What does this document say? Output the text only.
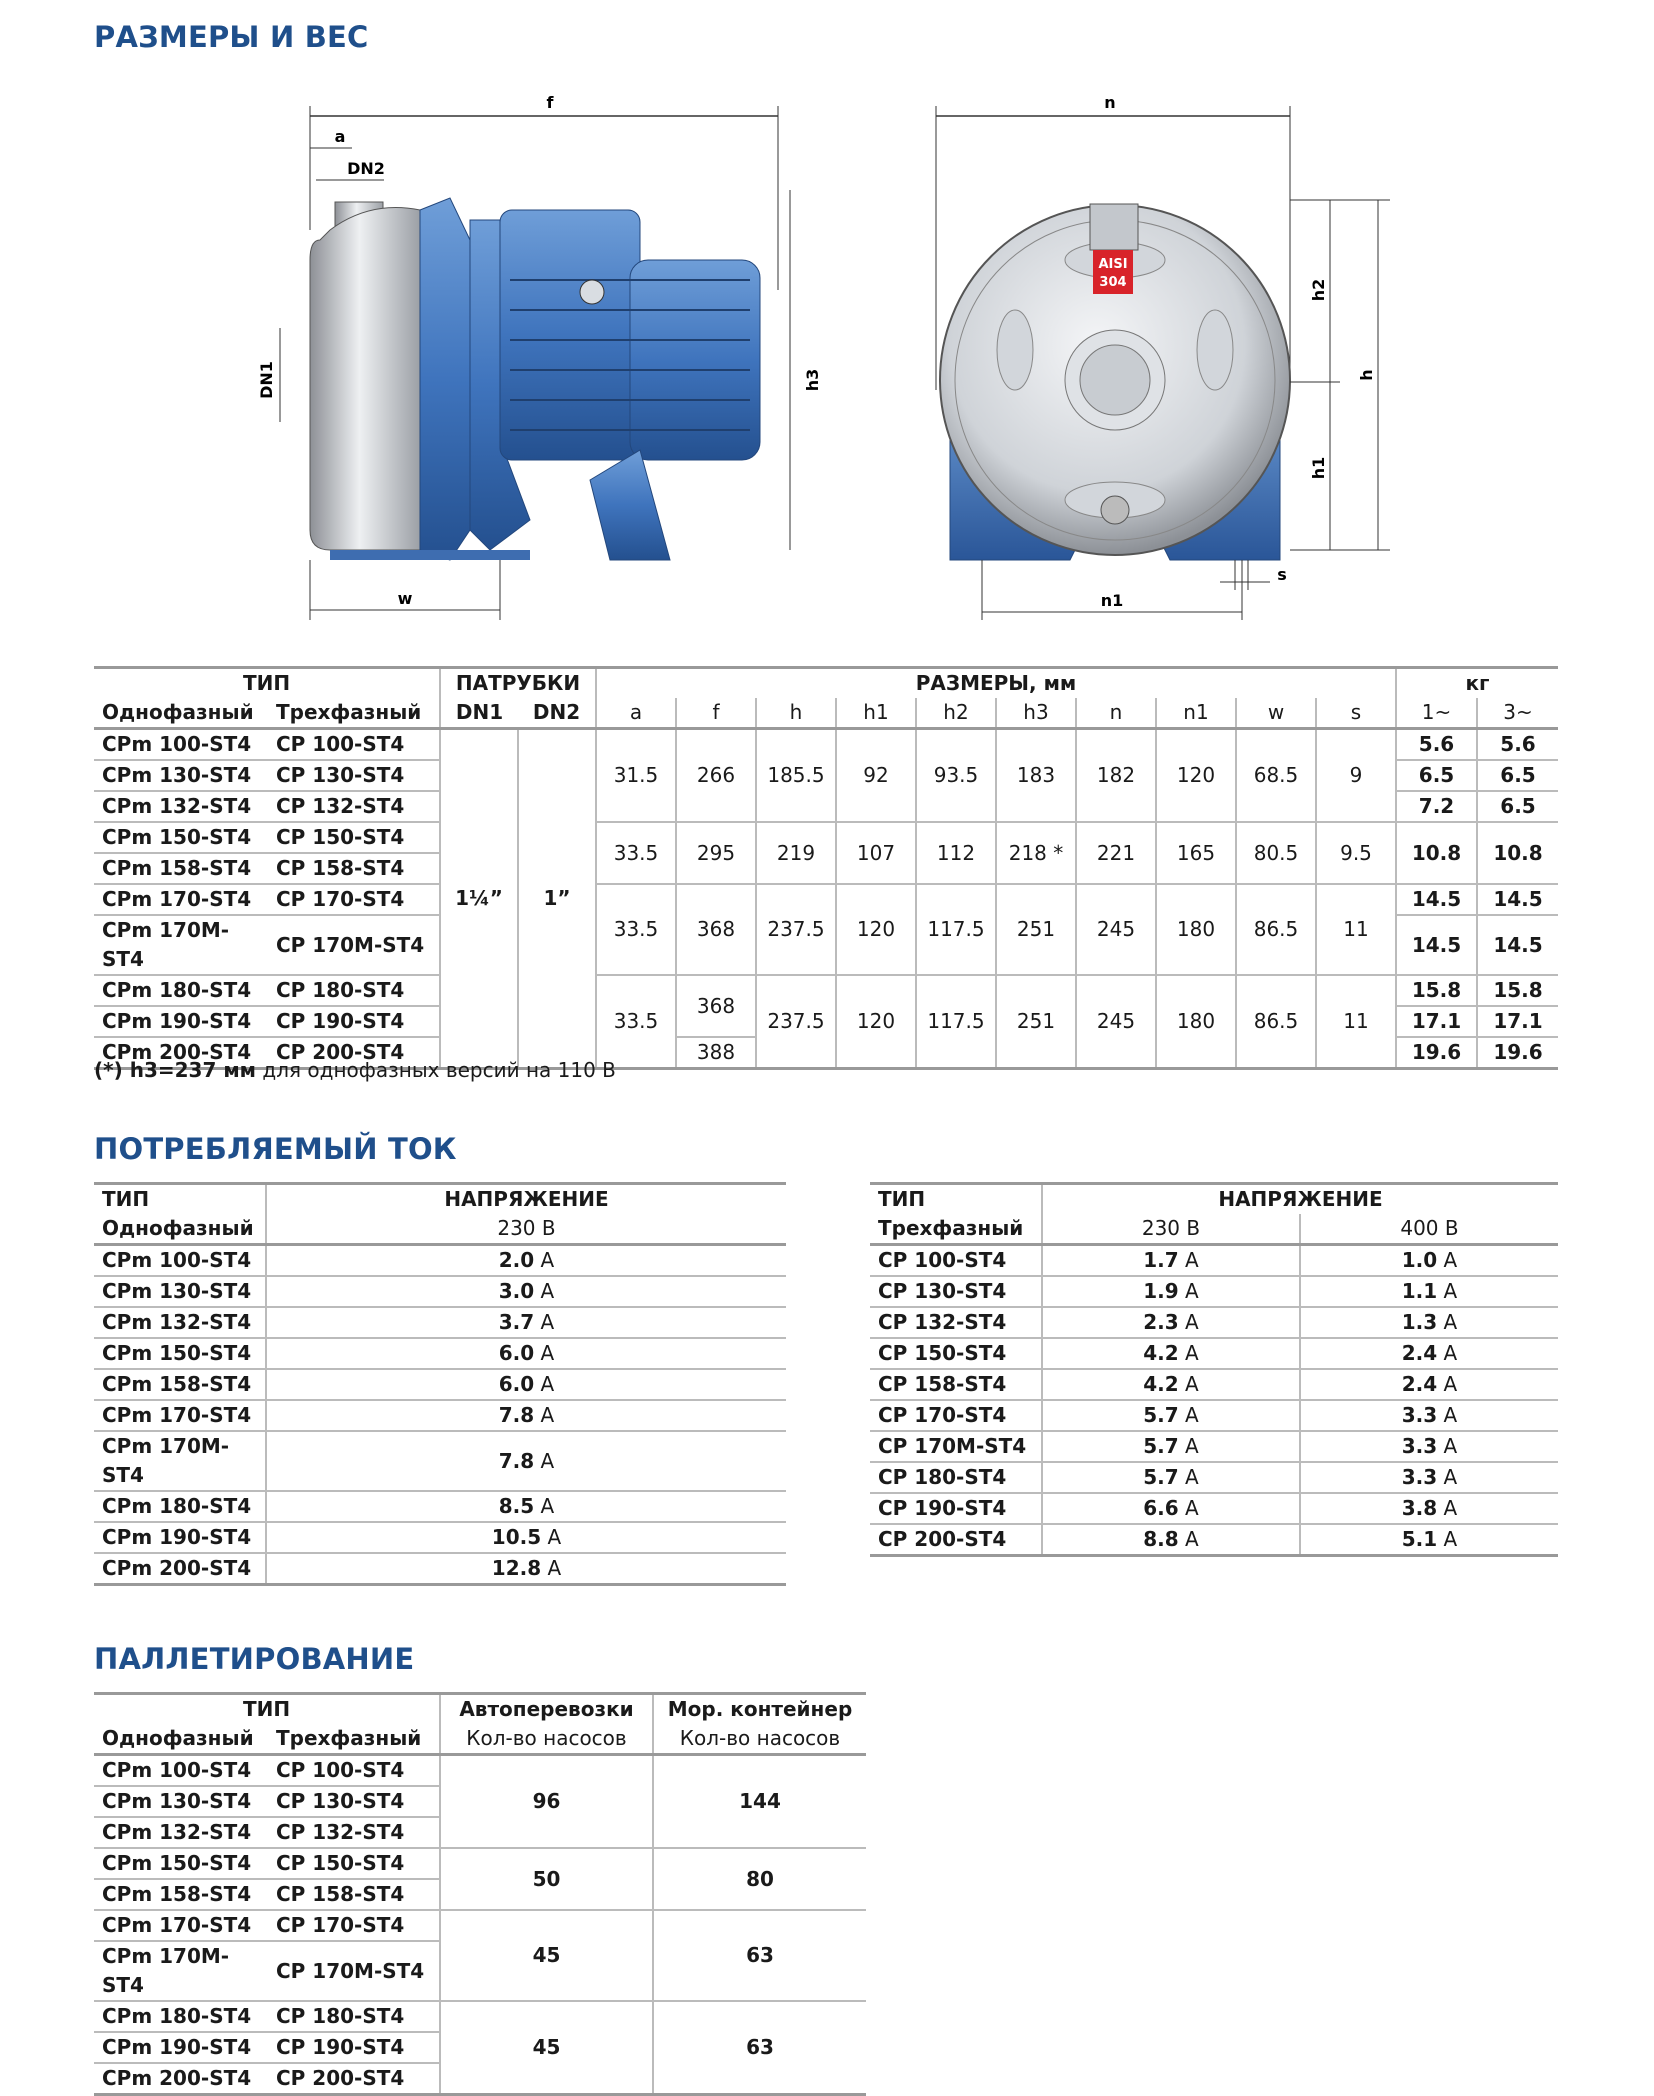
РАЗМЕРЫ И ВЕС
ПОТРЕБЛЯЕМЫЙ ТОК
ПАЛЛЕТИРОВАНИЕ
f
a
DN2
DN1	h3
w
n
AISI
304	h2
h
h1
n1
s
ТИП		ПАТРУБКИ		РАЗМЕРЫ, мм										кг	
Однофазный	Трехфазный	DN1	DN2	a	f	h	h1	h2	h3	n	n1	w	s	1~	3~
CPm 100-ST4	CP 100-ST4	1¼”	1”	31.5	266	185.5	92	93.5	183	182	120	68.5	9	5.6	5.6
CPm 130-ST4	CP 130-ST4													6.5	6.5
CPm 132-ST4	CP 132-ST4													7.2	6.5
CPm 150-ST4	CP 150-ST4			33.5	295	219	107	112	218 *	221	165	80.5	9.5	10.8	10.8
CPm 158-ST4	CP 158-ST4														
CPm 170-ST4	CP 170-ST4			33.5	368	237.5	120	117.5	251	245	180	86.5	11	14.5	14.5
CPm 170M-ST4	CP 170M-ST4													14.5	14.5
CPm 180-ST4	CP 180-ST4			33.5	368	237.5	120	117.5	251	245	180	86.5	11	15.8	15.8
CPm 190-ST4	CP 190-ST4													17.1	17.1
CPm 200-ST4	CP 200-ST4				388									19.6	19.6
(*) h3=237 мм для однофазных версий на 110 В
ТИП	НАПРЯЖЕНИЕ
Однофазный	230 В
CPm 100-ST4	2.0 A
CPm 130-ST4	3.0 A
CPm 132-ST4	3.7 A
CPm 150-ST4	6.0 A
CPm 158-ST4	6.0 A
CPm 170-ST4	7.8 A
CPm 170M-ST4	7.8 A
CPm 180-ST4	8.5 A
CPm 190-ST4	10.5 A
CPm 200-ST4	12.8 A
ТИП	НАПРЯЖЕНИЕ	
Трехфазный	230 В	400 В
CP 100-ST4	1.7 A	1.0 A
CP 130-ST4	1.9 A	1.1 A
CP 132-ST4	2.3 A	1.3 A
CP 150-ST4	4.2 A	2.4 A
CP 158-ST4	4.2 A	2.4 A
CP 170-ST4	5.7 A	3.3 A
CP 170M-ST4	5.7 A	3.3 A
CP 180-ST4	5.7 A	3.3 A
CP 190-ST4	6.6 A	3.8 A
CP 200-ST4	8.8 A	5.1 A
ТИП		Автоперевозки	Мор. контейнер
Однофазный	Трехфазный	Кол-во насосов	Кол-во насосов
CPm 100-ST4	CP 100-ST4	96	144
CPm 130-ST4	CP 130-ST4		
CPm 132-ST4	CP 132-ST4		
CPm 150-ST4	CP 150-ST4	50	80
CPm 158-ST4	CP 158-ST4		
CPm 170-ST4	CP 170-ST4	45	63
CPm 170M-ST4	CP 170M-ST4		
CPm 180-ST4	CP 180-ST4	45	63
CPm 190-ST4	CP 190-ST4		
CPm 200-ST4	CP 200-ST4		
